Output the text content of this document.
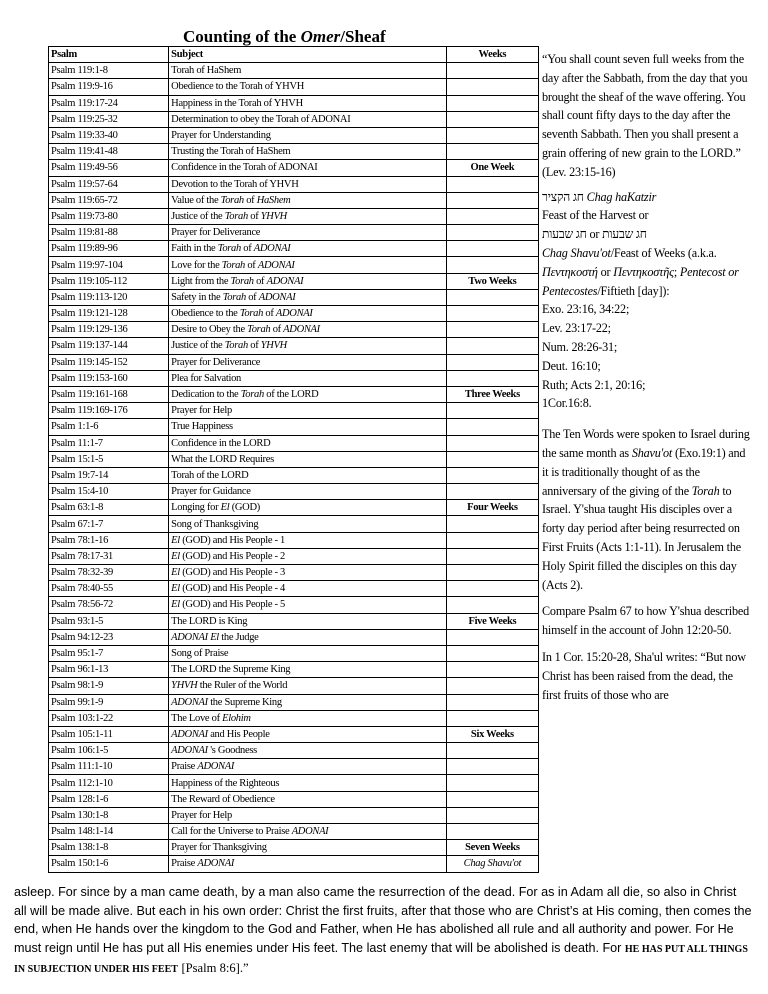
Counting of the Omer/Sheaf
Psalm	Subject	Weeks
Psalm 119:1-8	Torah of HaShem	
Psalm 119:9-16	Obedience to the Torah of YHVH	
Psalm 119:17-24	Happiness in the Torah of YHVH	
Psalm 119:25-32	Determination to obey the Torah of ADONAI	
Psalm 119:33-40	Prayer for Understanding	
Psalm 119:41-48	Trusting the Torah of HaShem	
Psalm 119:49-56	Confidence in the Torah of ADONAI	One Week
Psalm 119:57-64	Devotion to the Torah of YHVH	
Psalm 119:65-72	Value of the Torah of HaShem	
Psalm 119:73-80	Justice of the Torah of YHVH	
Psalm 119:81-88	Prayer for Deliverance	
Psalm 119:89-96	Faith in the Torah of ADONAI	
Psalm 119:97-104	Love for the Torah of ADONAI	
Psalm 119:105-112	Light from the Torah of ADONAI	Two Weeks
Psalm 119:113-120	Safety in the Torah of ADONAI	
Psalm 119:121-128	Obedience to the Torah of ADONAI	
Psalm 119:129-136	Desire to Obey the Torah of ADONAI	
Psalm 119:137-144	Justice of the Torah of YHVH	
Psalm 119:145-152	Prayer for Deliverance	
Psalm 119:153-160	Plea for Salvation	
Psalm 119:161-168	Dedication to the Torah of the LORD	Three Weeks
Psalm 119:169-176	Prayer for Help	
Psalm 1:1-6	True Happiness	
Psalm 11:1-7	Confidence in the LORD	
Psalm 15:1-5	What the LORD Requires	
Psalm 19:7-14	Torah of the LORD	
Psalm 15:4-10	Prayer for Guidance	
Psalm 63:1-8	Longing for El (GOD)	Four Weeks
Psalm 67:1-7	Song of Thanksgiving	
Psalm 78:1-16	El (GOD) and His People - 1	
Psalm 78:17-31	El (GOD) and His People - 2	
Psalm 78:32-39	El (GOD) and His People - 3	
Psalm 78:40-55	El (GOD) and His People - 4	
Psalm 78:56-72	El (GOD) and His People - 5	
Psalm 93:1-5	The LORD is King	Five Weeks
Psalm 94:12-23	ADONAI El the Judge	
Psalm 95:1-7	Song of Praise	
Psalm 96:1-13	The LORD the Supreme King	
Psalm 98:1-9	YHVH the Ruler of the World	
Psalm 99:1-9	ADONAI the Supreme King	
Psalm 103:1-22	The Love of Elohim	
Psalm 105:1-11	ADONAI and His People	Six Weeks
Psalm 106:1-5	ADONAI 's Goodness	
Psalm 111:1-10	Praise ADONAI	
Psalm 112:1-10	Happiness of the Righteous	
Psalm 128:1-6	The Reward of Obedience	
Psalm 130:1-8	Prayer for Help	
Psalm 148:1-14	Call for the Universe to Praise ADONAI	
Psalm 138:1-8	Prayer for Thanksgiving	Seven Weeks
Psalm 150:1-6	Praise ADONAI	Chag Shavu'ot

“You shall count seven full weeks from the day after the Sabbath, from the day that you brought the sheaf of the wave offering. You shall count fifty days to the day after the seventh Sabbath. Then you shall present a grain offering of new grain to the LORD.”
(Lev. 23:15-16)

חג הקציר Chag haKatzir
Feast of the Harvest or
חג שבעות or חג שבעות
Chag Shavu'ot/Feast of Weeks (a.k.a. Πεντηκοστή or Πεντηκοστῆς; Pentecost or Pentecostes/Fiftieth [day]):
Exo. 23:16, 34:22;
Lev. 23:17-22;
Num. 28:26-31;
Deut. 16:10;
Ruth; Acts 2:1, 20:16;
1Cor.16:8.

The Ten Words were spoken to Israel during the same month as Shavu'ot (Exo.19:1) and it is traditionally thought of as the anniversary of the giving of the Torah to Israel. Y'shua taught His disciples over a forty day period after being resurrected on First Fruits (Acts 1:1-11). In Jerusalem the Holy Spirit filled the disciples on this day (Acts 2).

Compare Psalm 67 to how Y'shua described himself in the account of John 12:20-50.

In 1 Cor. 15:20-28, Sha'ul writes: “But now Christ has been raised from the dead, the first fruits of those who are

asleep. For since by a man came death, by a man also came the resurrection of the dead. For as in Adam all die, so also in Christ all will be made alive. But each in his own order: Christ the first fruits, after that those who are Christ’s at His coming, then comes the end, when He hands over the kingdom to the God and Father, when He has abolished all rule and all authority and power. For He must reign until He has put all His enemies under His feet. The last enemy that will be abolished is death. For HE HAS PUT ALL THINGS IN SUBJECTION UNDER HIS FEET [Psalm 8:6].”
